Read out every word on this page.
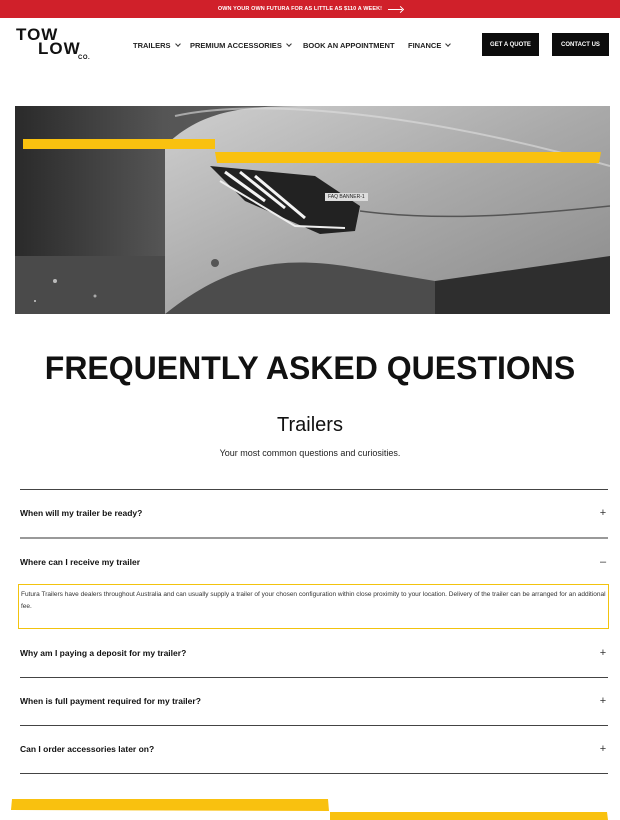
OWN YOUR OWN FUTURA FOR AS LITTLE AS $110 A WEEK!
TOW
LOW
CO.
TRAILERS	PREMIUM ACCESSORIES	BOOK AN APPOINTMENT FINANCE	GET A QUOTE	CONTACT US
FAQ BANNER-1
FREQUENTLY ASKED QUESTIONS
Trailers

Your most common questions and curiosities.

When will my trailer be ready?	+
Where can I receive my trailer	–

Futura Trailers have dealers throughout Australia and can usually supply a trailer of your chosen configuration within close proximity to your location. Delivery of the trailer can be arranged for an additional fee.

Why am I paying a deposit for my trailer?	+
When is full payment required for my trailer?	+
Can I order accessories later on?	+
